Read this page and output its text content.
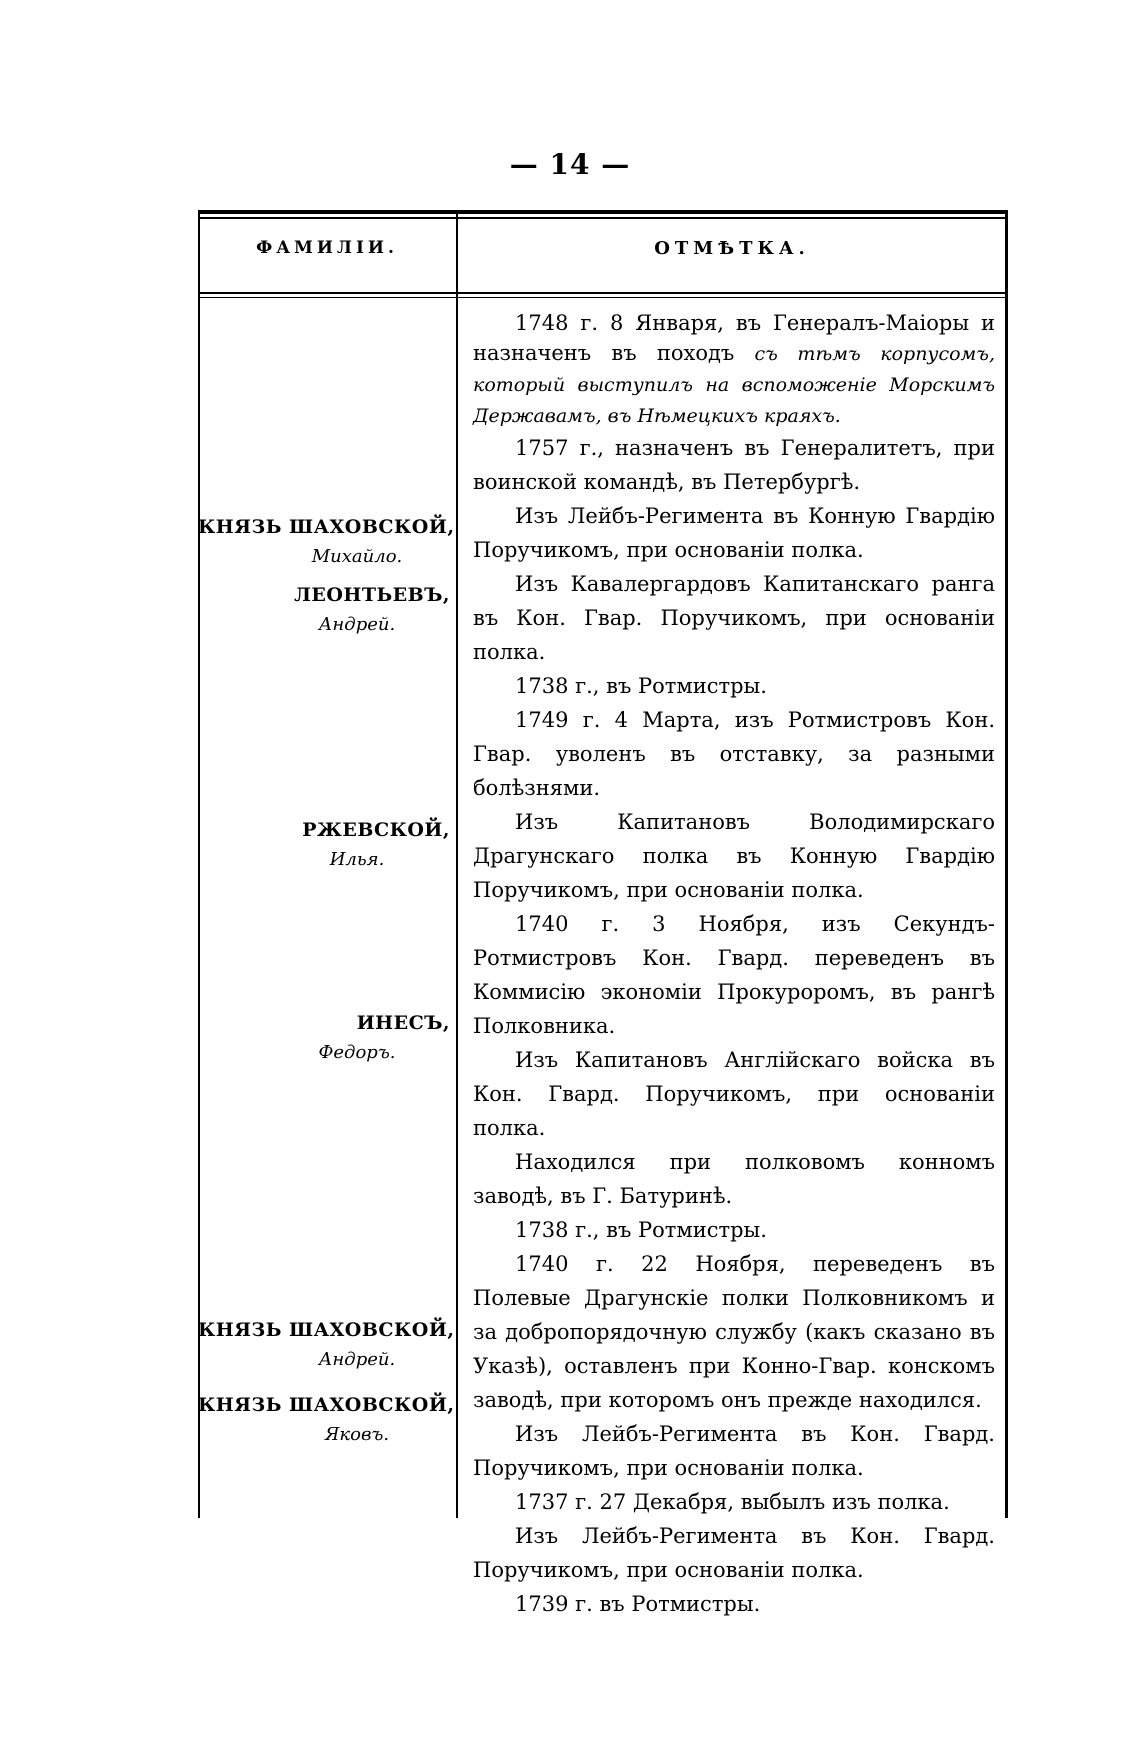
— 14 —
ФАМИЛІИ.	ОТМѢТКА.
КНЯЗЬ ШАХОВСКОЙ,
Михайло.
ЛЕОНТЬЕВЪ,
Андрей.
РЖЕВСКОЙ,
Илья.
ИНЕСЪ,
Федоръ.
КНЯЗЬ ШАХОВСКОЙ,
Андрей.
КНЯЗЬ ШАХОВСКОЙ,
Яковъ.

1748 г. 8 Января, въ Генералъ-Маіоры и назначенъ въ походъ съ тѣмъ корпусомъ, который выступилъ на вспоможеніе Морскимъ Державамъ, въ Нѣмецкихъ краяхъ.

1757 г., назначенъ въ Генералитетъ, при воинской командѣ, въ Петербургѣ.

Изъ Лейбъ-Регимента въ Конную Гвардію Поручикомъ, при основаніи полка.

Изъ Кавалергардовъ Капитанскаго ранга въ Кон. Гвар. Поручикомъ, при основаніи полка.

1738 г., въ Ротмистры.

1749 г. 4 Марта, изъ Ротмистровъ Кон. Гвар. уволенъ въ отставку, за разными болѣзнями.

Изъ Капитановъ Володимирскаго Драгунскаго полка въ Конную Гвардію Поручикомъ, при основаніи полка.

1740 г. 3 Ноября, изъ Секундъ-Ротмистровъ Кон. Гвард. переведенъ въ Коммисію экономіи Прокуроромъ, въ рангѣ Полковника.

Изъ Капитановъ Англійскаго войска въ Кон. Гвард. Поручикомъ, при основаніи полка.

Находился при полковомъ конномъ заводѣ, въ Г. Батуринѣ.

1738 г., въ Ротмистры.

1740 г. 22 Ноября, переведенъ въ Полевые Драгунскіе полки Полковникомъ и за добропорядочную службу (какъ сказано въ Указѣ), оставленъ при Конно-Гвар. конскомъ заводѣ, при которомъ онъ прежде находился.

Изъ Лейбъ-Регимента въ Кон. Гвард. Поручикомъ, при основаніи полка.

1737 г. 27 Декабря, выбылъ изъ полка.

Изъ Лейбъ-Регимента въ Кон. Гвард. Поручикомъ, при основаніи полка.

1739 г. въ Ротмистры.
